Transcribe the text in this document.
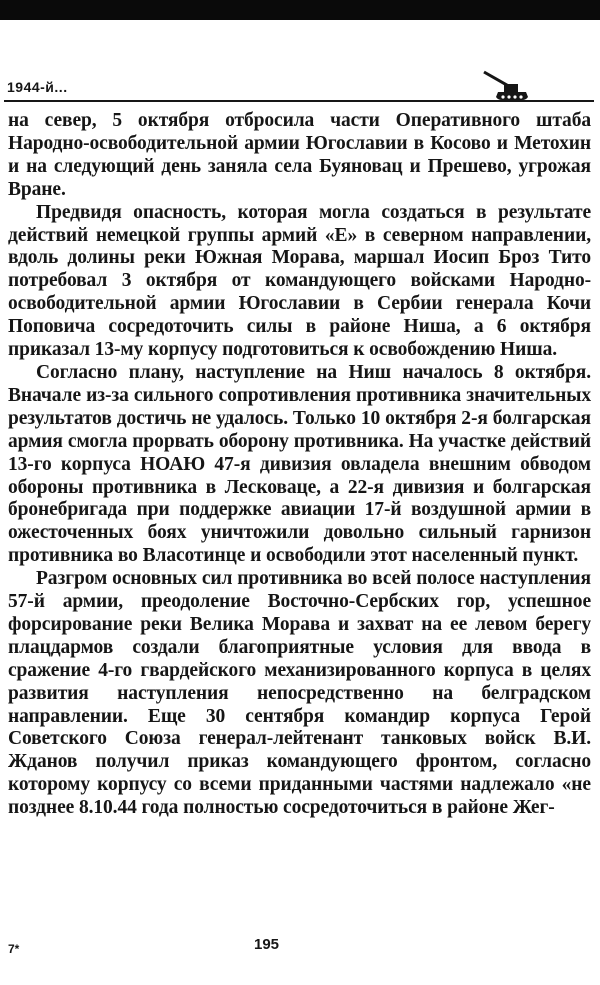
1944-й...

на север, 5 октября отбросила части Оперативного штаба Народно-освободительной армии Югославии в Косово и Метохин и на следующий день заняла села Буяновац и Прешево, угрожая Вране.

Предвидя опасность, которая могла создаться в результате действий немецкой группы армий «Е» в северном направлении, вдоль долины реки Южная Морава, маршал Иосип Броз Тито потребовал 3 октября от командующего войсками Народно-освободительной армии Югославии в Сербии генерала Кочи Поповича сосредоточить силы в районе Ниша, а 6 октября приказал 13-му корпусу подготовиться к освобождению Ниша.

Согласно плану, наступление на Ниш началось 8 октября. Вначале из-за сильного сопротивления противника значительных результатов достичь не удалось. Только 10 октября 2-я болгарская армия смогла прорвать оборону противника. На участке действий 13-го корпуса НОАЮ 47-я дивизия овладела внешним обводом обороны противника в Лесковаце, а 22-я дивизия и болгарская бронебригада при поддержке авиации 17-й воздушной армии в ожесточенных боях уничтожили довольно сильный гарнизон противника во Власотинце и освободили этот населенный пункт.

Разгром основных сил противника во всей полосе наступления 57-й армии, преодоление Восточно-Сербских гор, успешное форсирование реки Велика Морава и захват на ее левом берегу плацдармов создали благоприятные условия для ввода в сражение 4-го гвардейского механизированного корпуса в целях развития наступления непосредственно на белградском направлении. Еще 30 сентября командир корпуса Герой Советского Союза генерал-лейтенант танковых войск В.И. Жданов получил приказ командующего фронтом, согласно которому корпусу со всеми приданными частями надлежало «не позднее 8.10.44 года полностью сосредоточиться в районе Жег-

7*	195
